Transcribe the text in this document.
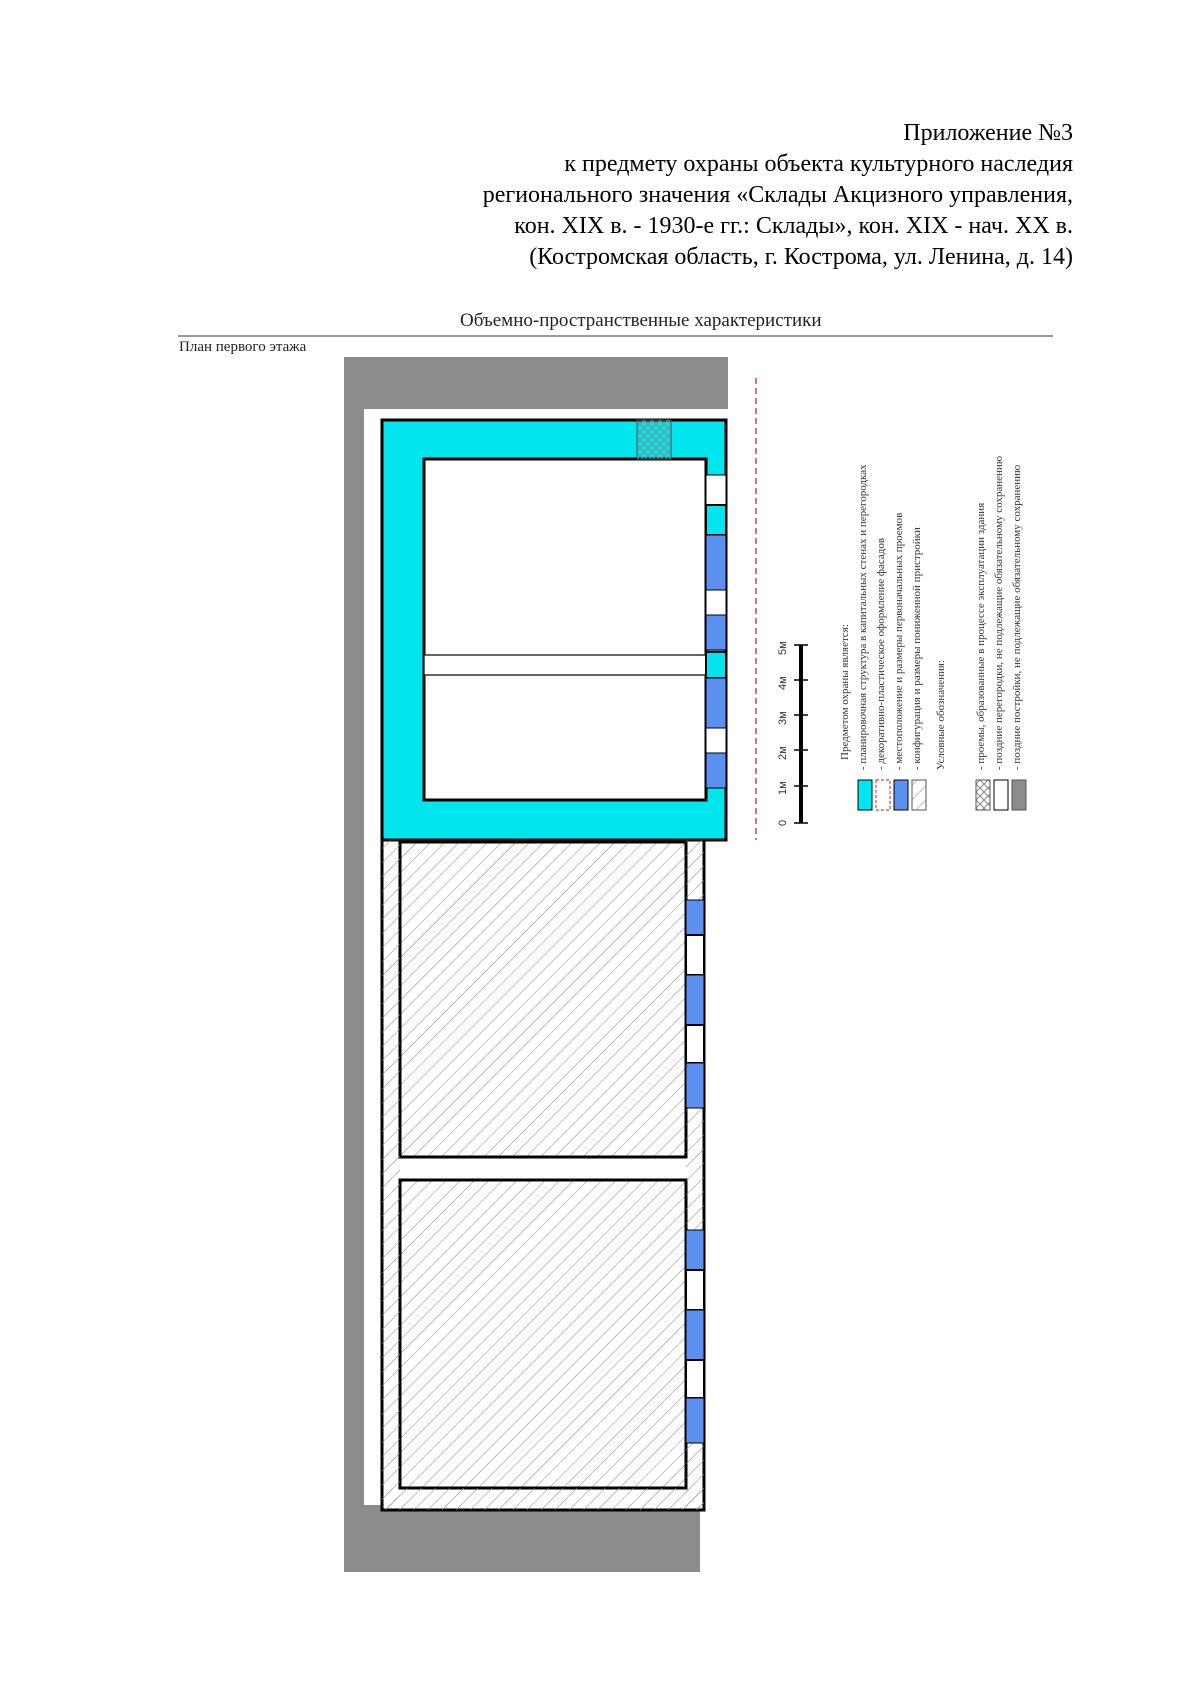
Приложение №3
к предмету охраны объекта культурного наследия
регионального значения «Склады Акцизного управления,
кон. XIX в. - 1930-е гг.: Склады», кон. XIX - нач. XX в.
(Костромская область, г. Кострома, ул. Ленина, д. 14)
Объемно-пространственные характеристики
План первого этажа
0
1м
2м
3м
4м
5м	Предметом охраны является: - планировочная структура в капитальных стенах и перегородках - декоративно-пластическое оформление фасадов - местоположение и размеры первоначальных проемов - конфигурация и размеры пониженной пристройки Условные обозначения:	- проемы, образованные в процессе эксплуатации здания - поздние перегородки, не подлежащие обязательному сохранению - поздние постройки, не подлежащие обязательному сохранению
